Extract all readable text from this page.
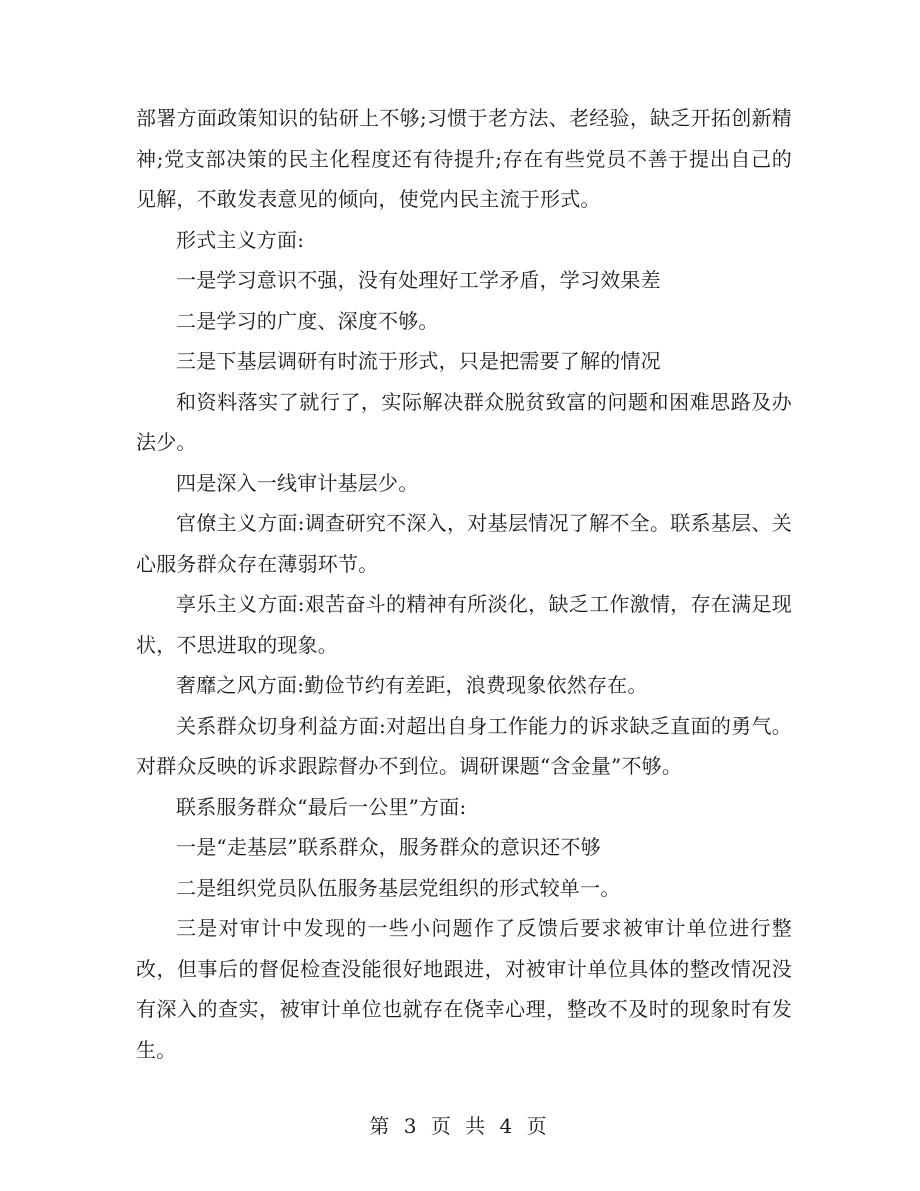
部署方面政策知识的钻研上不够;习惯于老方法、老经验，缺乏开拓创新精神;党支部决策的民主化程度还有待提升;存在有些党员不善于提出自己的见解，不敢发表意见的倾向，使党内民主流于形式。

形式主义方面:

一是学习意识不强，没有处理好工学矛盾，学习效果差

二是学习的广度、深度不够。

三是下基层调研有时流于形式，只是把需要了解的情况

和资料落实了就行了，实际解决群众脱贫致富的问题和困难思路及办法少。

四是深入一线审计基层少。

官僚主义方面:调查研究不深入，对基层情况了解不全。联系基层、关心服务群众存在薄弱环节。

享乐主义方面:艰苦奋斗的精神有所淡化，缺乏工作激情，存在满足现状，不思进取的现象。

奢靡之风方面:勤俭节约有差距，浪费现象依然存在。

关系群众切身利益方面:对超出自身工作能力的诉求缺乏直面的勇气。对群众反映的诉求跟踪督办不到位。调研课题“含金量”不够。

联系服务群众“最后一公里”方面:

一是“走基层”联系群众，服务群众的意识还不够

二是组织党员队伍服务基层党组织的形式较单一。

三是对审计中发现的一些小问题作了反馈后要求被审计单位进行整改，但事后的督促检查没能很好地跟进，对被审计单位具体的整改情况没有深入的查实，被审计单位也就存在侥幸心理，整改不及时的现象时有发生。

第 3 页 共 4 页
